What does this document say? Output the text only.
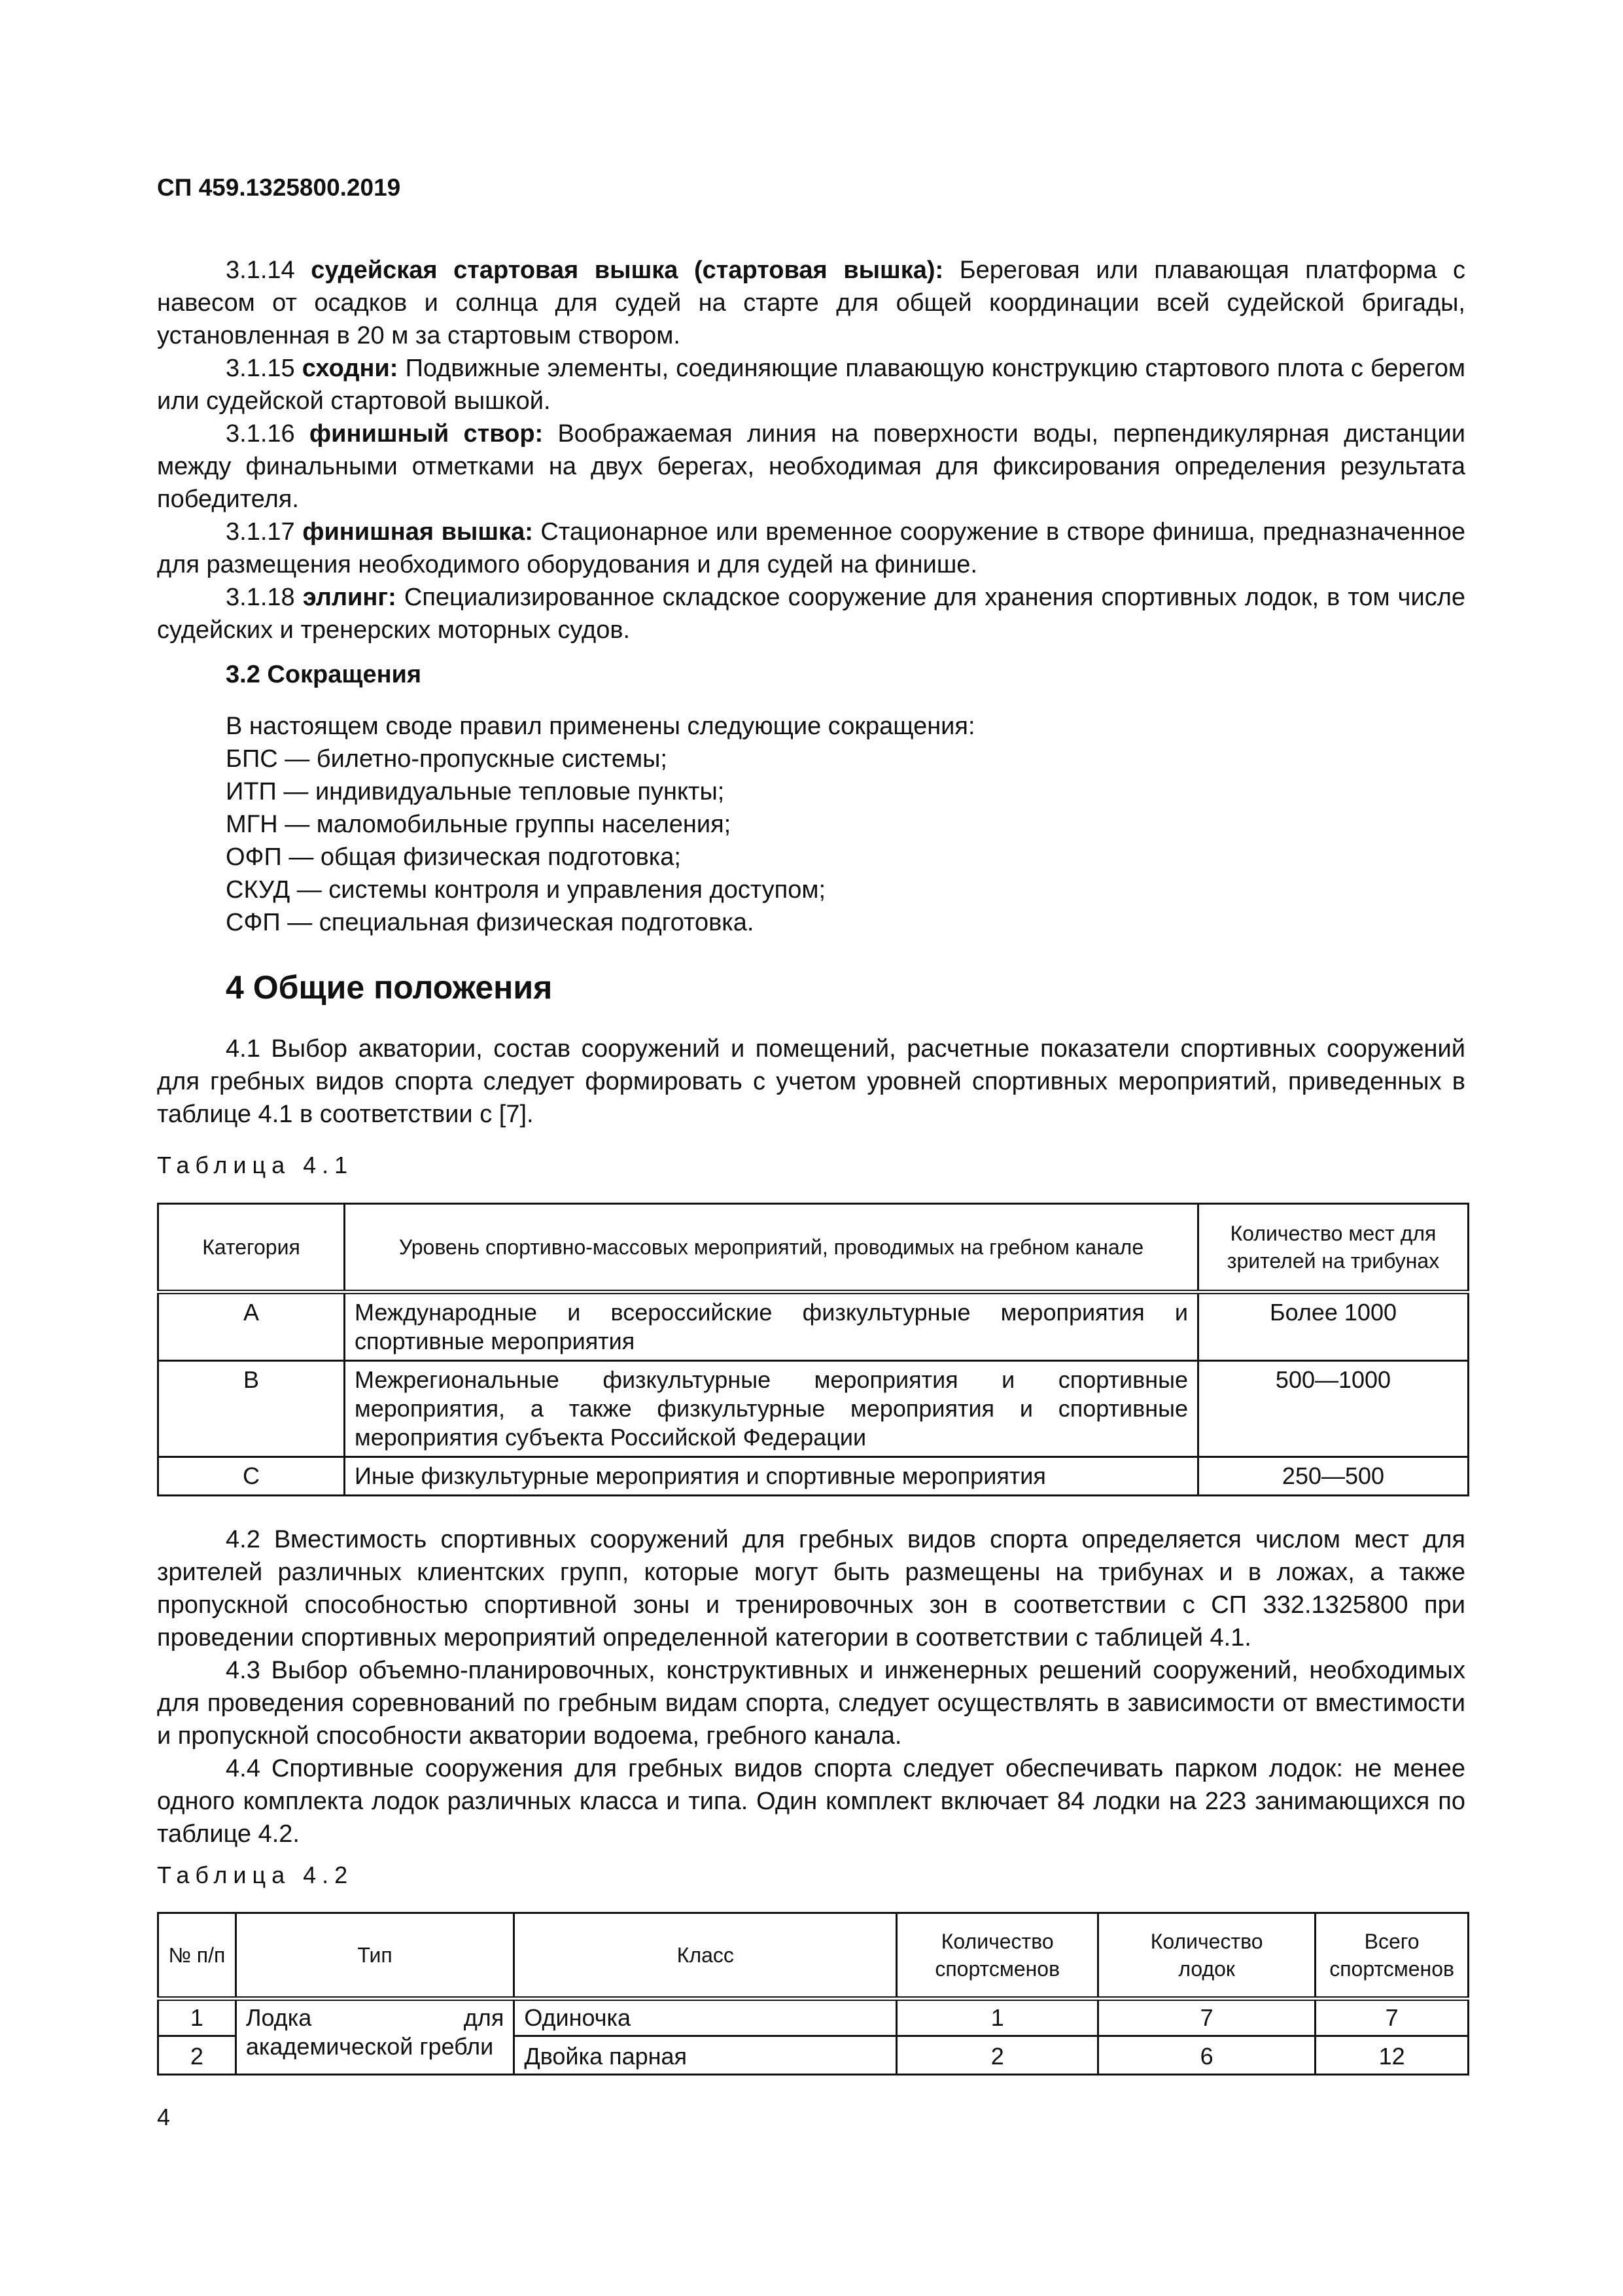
СП 459.1325800.2019

3.1.14 судейская стартовая вышка (стартовая вышка): Береговая или плавающая платформа с навесом от осадков и солнца для судей на старте для общей координации всей судейской бригады, установленная в 20 м за стартовым створом.

3.1.15 сходни: Подвижные элементы, соединяющие плавающую конструкцию стартового плота с берегом или судейской стартовой вышкой.

3.1.16 финишный створ: Воображаемая линия на поверхности воды, перпендикулярная дистанции между финальными отметками на двух берегах, необходимая для фиксирования определения результата победителя.

3.1.17 финишная вышка: Стационарное или временное сооружение в створе финиша, предназначенное для размещения необходимого оборудования и для судей на финише.

3.1.18 эллинг: Специализированное складское сооружение для хранения спортивных лодок, в том числе судейских и тренерских моторных судов.

3.2 Сокращения
В настоящем своде правил применены следующие сокращения:
БПС — билетно-пропускные системы;
ИТП — индивидуальные тепловые пункты;
МГН — маломобильные группы населения;
ОФП — общая физическая подготовка;
СКУД — системы контроля и управления доступом;
СФП — специальная физическая подготовка.
4 Общие положения

4.1 Выбор акватории, состав сооружений и помещений, расчетные показатели спортивных сооружений для гребных видов спорта следует формировать с учетом уровней спортивных мероприятий, приведенных в таблице 4.1 в соответствии с [7].

Таблица 4.1
Категория	Уровень спортивно-массовых мероприятий, проводимых на гребном канале	Количество мест для зрителей на трибунах
A	Международные и всероссийские физкультурные мероприятия и спортивные мероприятия	Более 1000
B	Межрегиональные физкультурные мероприятия и спортивные мероприятия, а также физкультурные мероприятия и спортивные мероприятия субъекта Российской Федерации	500—1000
C	Иные физкультурные мероприятия и спортивные мероприятия	250—500

4.2 Вместимость спортивных сооружений для гребных видов спорта определяется числом мест для зрителей различных клиентских групп, которые могут быть размещены на трибунах и в ложах, а также пропускной способностью спортивной зоны и тренировочных зон в соответствии с СП 332.1325800 при проведении спортивных мероприятий определенной категории в соответствии с таблицей 4.1.

4.3 Выбор объемно-планировочных, конструктивных и инженерных решений сооружений, необходимых для проведения соревнований по гребным видам спорта, следует осуществлять в зависимости от вместимости и пропускной способности акватории водоема, гребного канала.

4.4 Спортивные сооружения для гребных видов спорта следует обеспечивать парком лодок: не менее одного комплекта лодок различных класса и типа. Один комплект включает 84 лодки на 223 занимающихся по таблице 4.2.

Таблица 4.2
№ п/п	Тип	Класс	Количество спортсменов	Количество лодок	Всего спортсменов
1	Лодка для академической гребли	Одиночка	1	7	7
2		Двойка парная	2	6	12
4
